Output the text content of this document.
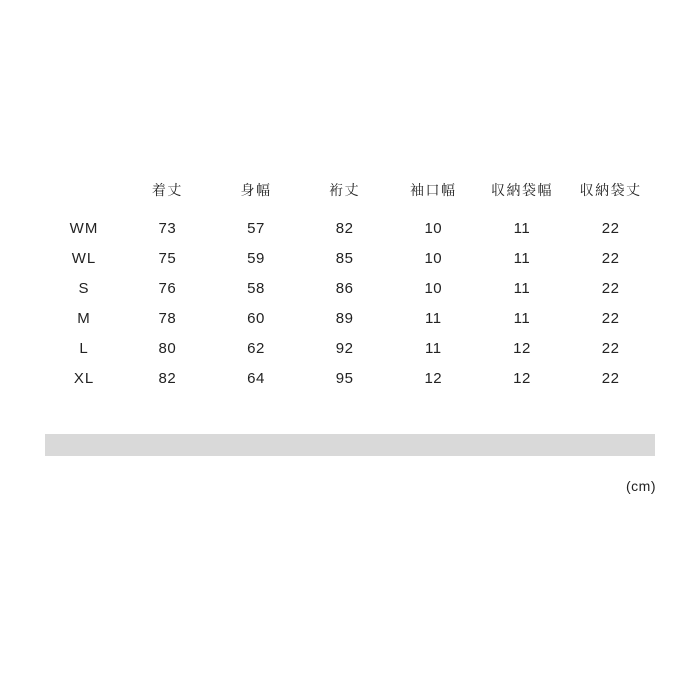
	着丈	身幅	裄丈	袖口幅	収納袋幅	収納袋丈
WM	73	57	82	10	11	22
WL	75	59	85	10	11	22
S	76	58	86	10	11	22
M	78	60	89	11	11	22
L	80	62	92	11	12	22
XL	82	64	95	12	12	22
(cm)
